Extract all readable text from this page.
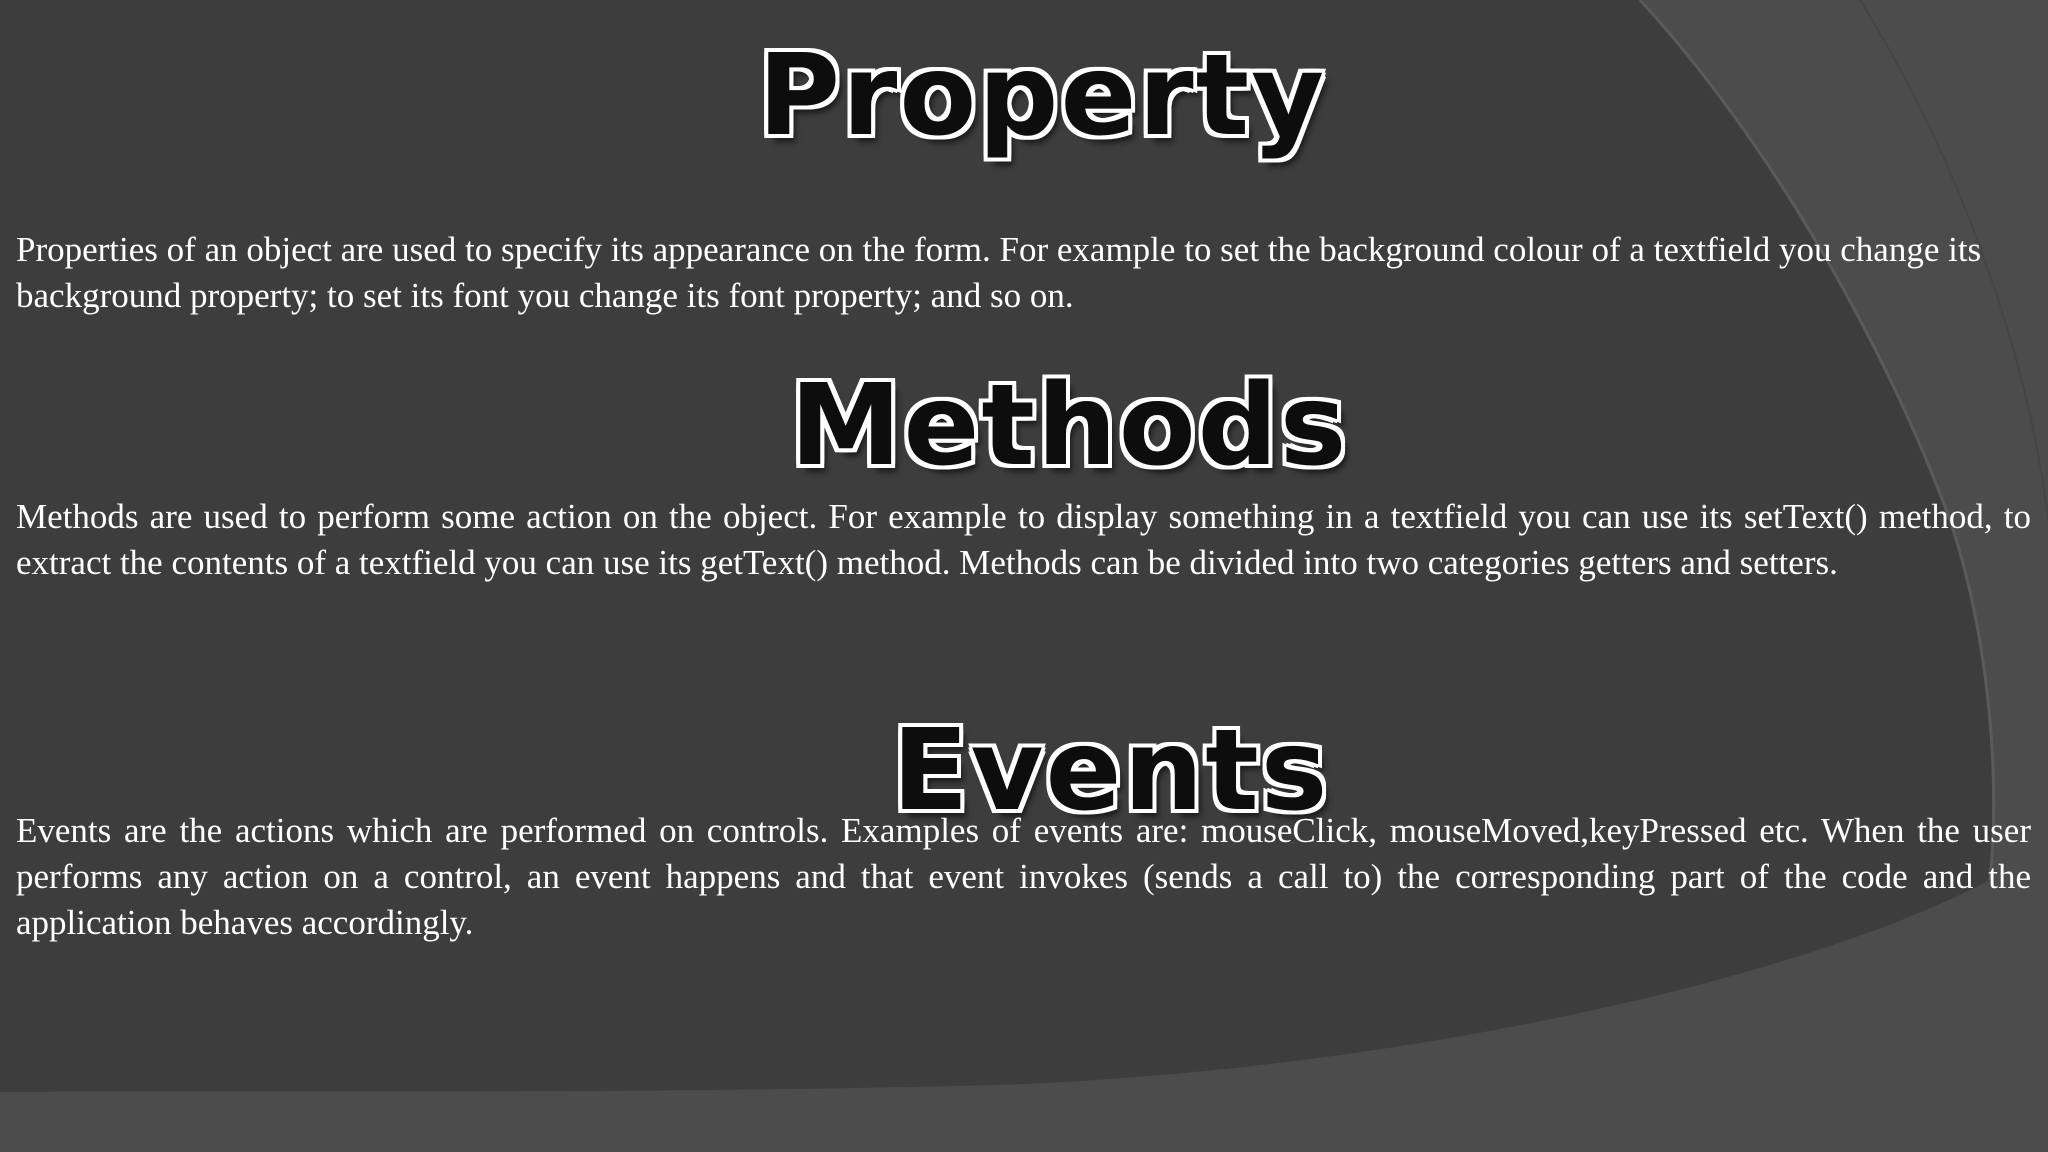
Property

Properties of an object are used to specify its appearance on the form. For example to set the background colour of a textfield you change its background property; to set its font you change its font property; and so on.

Methods

Methods are used to perform some action on the object. For example to display something in a textfield you can use its setText() method, to extract the contents of a textfield you can use its getText() method. Methods can be divided into two categories getters and setters.

Events

Events are the actions which are performed on controls. Examples of events are: mouseClick, mouseMoved,keyPressed etc. When the user performs any action on a control, an event happens and that event invokes (sends a call to) the corresponding part of the code and the application behaves accordingly.
